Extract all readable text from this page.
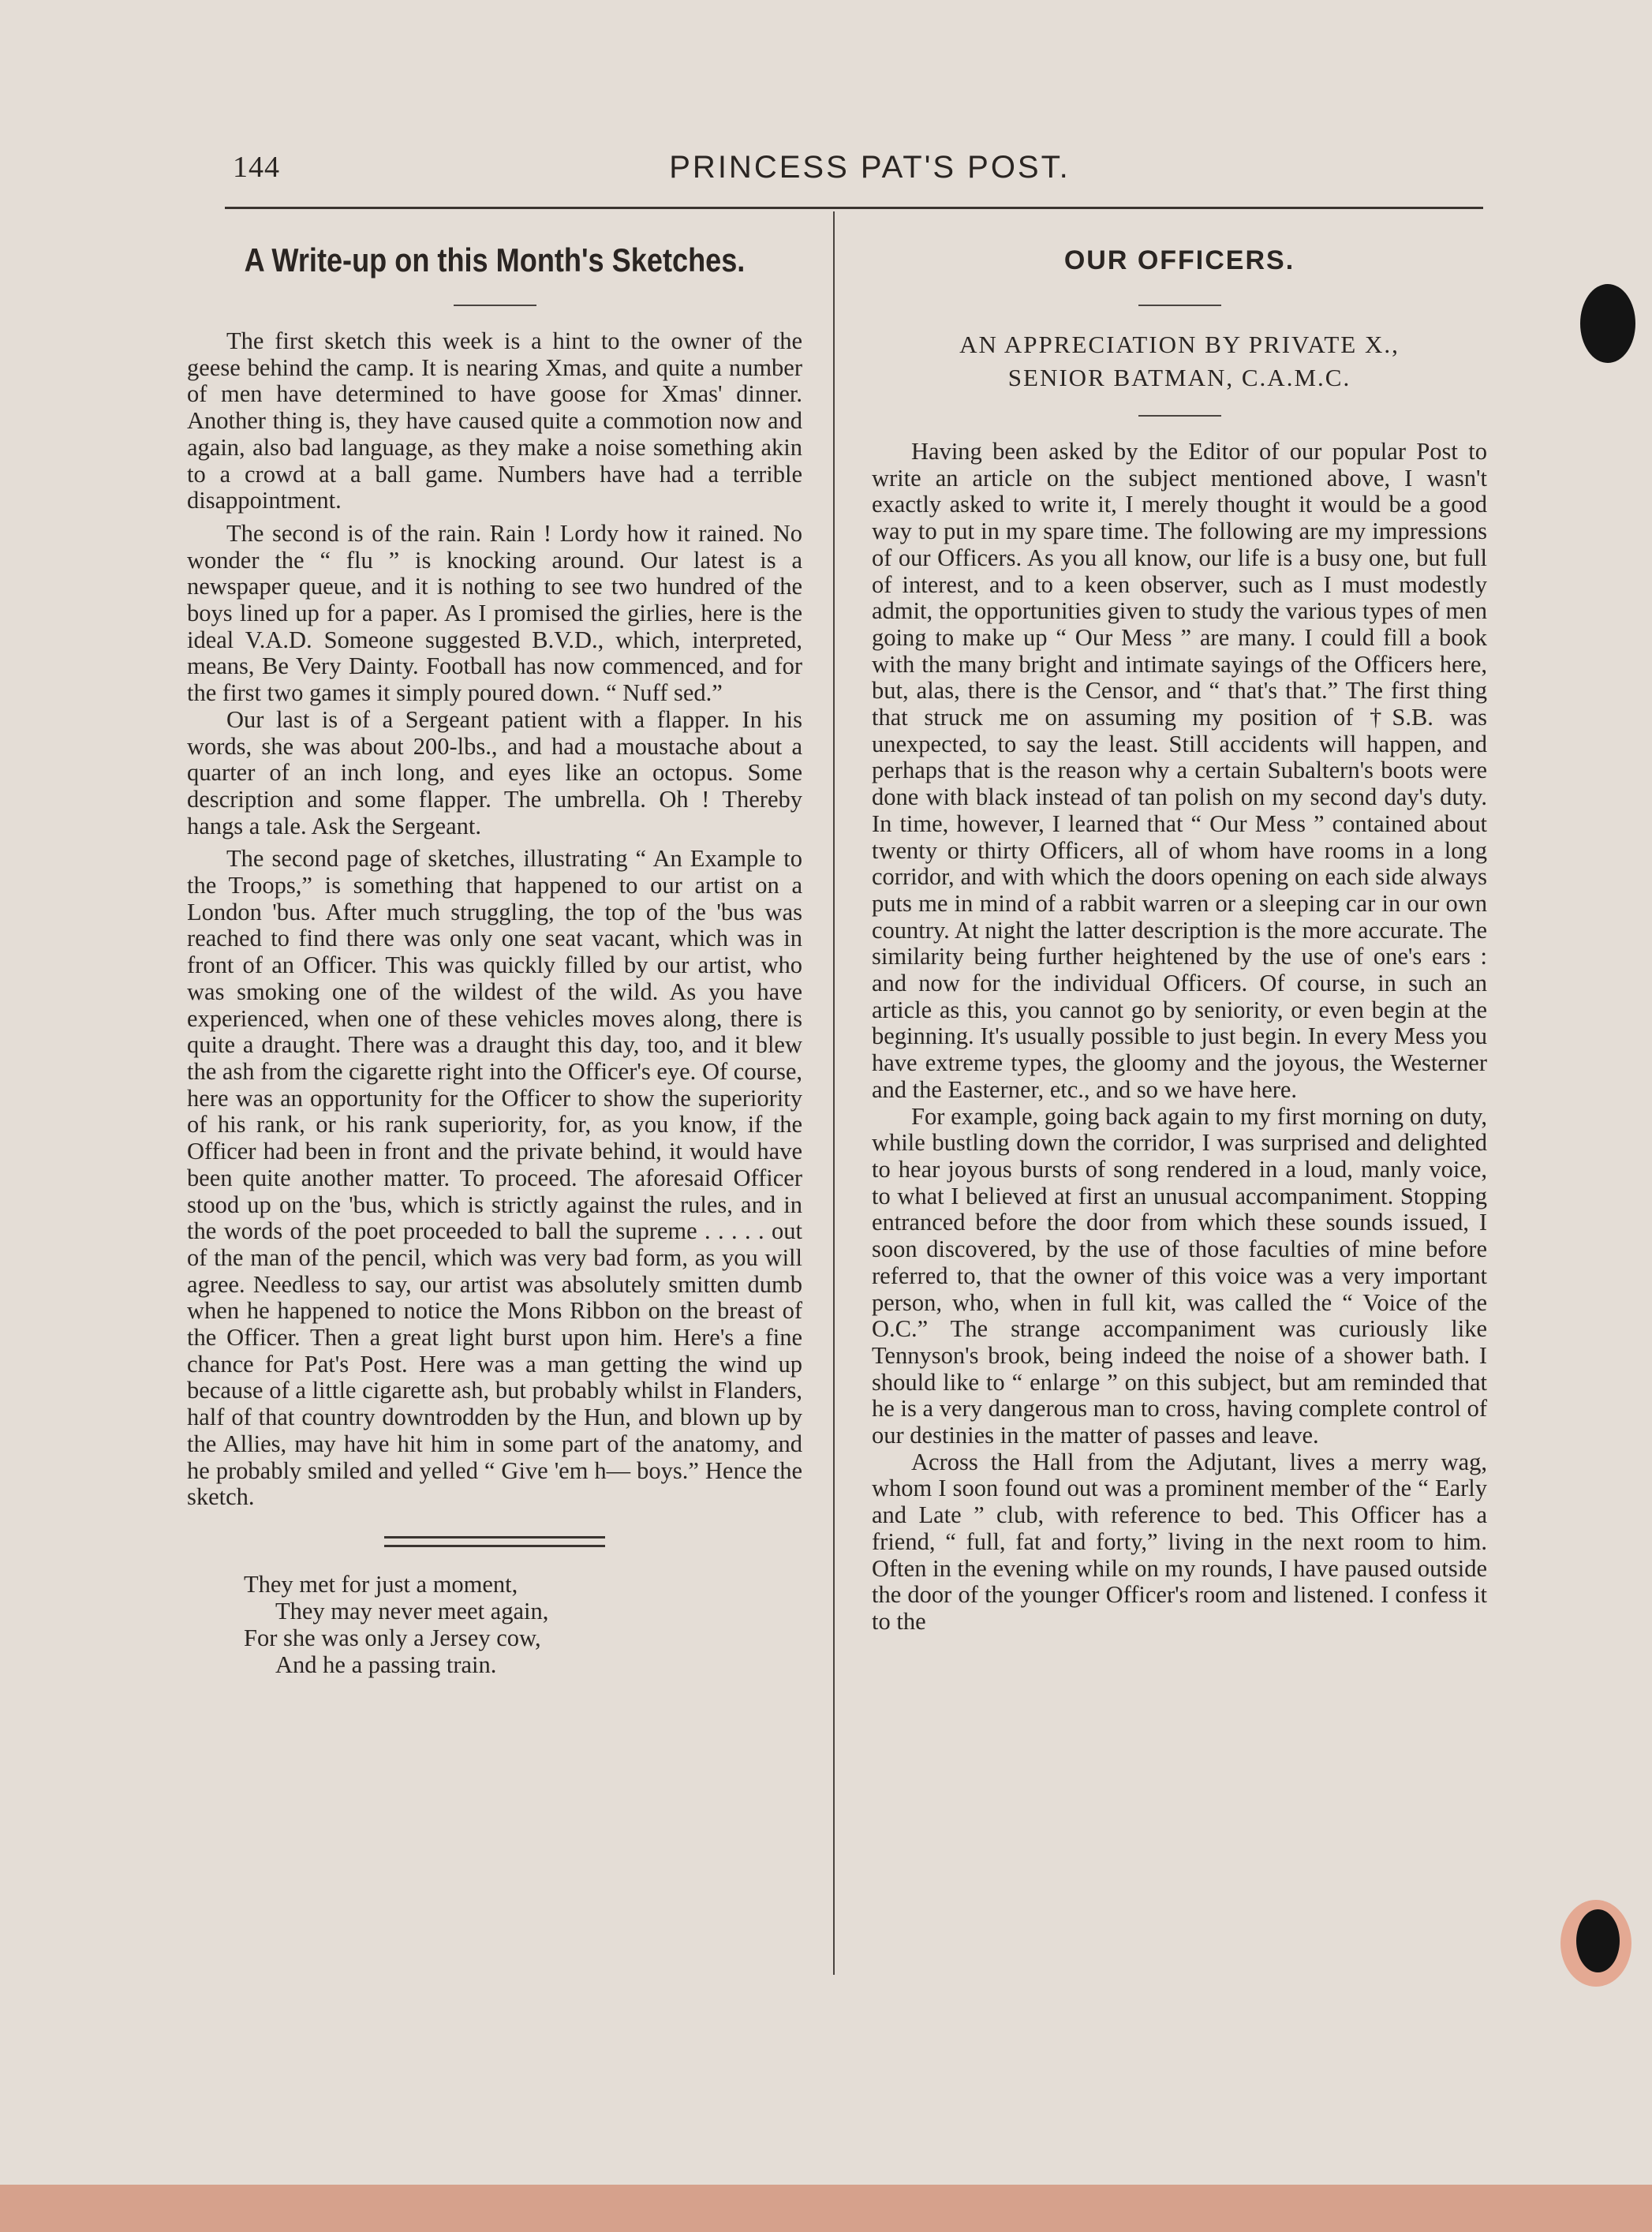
144	PRINCESS PAT'S POST.
A Write-up on this Month's Sketches.

The first sketch this week is a hint to the owner of the geese behind the camp. It is nearing Xmas, and quite a number of men have determined to have goose for Xmas' dinner. Another thing is, they have caused quite a commotion now and again, also bad language, as they make a noise something akin to a crowd at a ball game. Numbers have had a terrible disappointment.

The second is of the rain. Rain ! Lordy how it rained. No wonder the “ flu ” is knocking around. Our latest is a newspaper queue, and it is nothing to see two hundred of the boys lined up for a paper. As I promised the girlies, here is the ideal V.A.D. Someone suggested B.V.D., which, interpreted, means, Be Very Dainty. Football has now commenced, and for the first two games it simply poured down. “ Nuff sed.”

Our last is of a Sergeant patient with a flapper. In his words, she was about 200-lbs., and had a moustache about a quarter of an inch long, and eyes like an octopus. Some description and some flapper. The umbrella. Oh ! Thereby hangs a tale. Ask the Sergeant.

The second page of sketches, illustrating “ An Example to the Troops,” is something that happened to our artist on a London 'bus. After much struggling, the top of the 'bus was reached to find there was only one seat vacant, which was in front of an Officer. This was quickly filled by our artist, who was smoking one of the wildest of the wild. As you have experienced, when one of these vehicles moves along, there is quite a draught. There was a draught this day, too, and it blew the ash from the cigarette right into the Officer's eye. Of course, here was an opportunity for the Officer to show the superiority of his rank, or his rank superiority, for, as you know, if the Officer had been in front and the private behind, it would have been quite another matter. To proceed. The aforesaid Officer stood up on the 'bus, which is strictly against the rules, and in the words of the poet proceeded to ball the supreme . . . . . out of the man of the pencil, which was very bad form, as you will agree. Needless to say, our artist was absolutely smitten dumb when he happened to notice the Mons Ribbon on the breast of the Officer. Then a great light burst upon him. Here's a fine chance for Pat's Post. Here was a man getting the wind up because of a little cigarette ash, but probably whilst in Flanders, half of that country downtrodden by the Hun, and blown up by the Allies, may have hit him in some part of the anatomy, and he probably smiled and yelled “ Give 'em h— boys.” Hence the sketch.

They met for just a moment,
They may never meet again,
For she was only a Jersey cow,
And he a passing train.
OUR OFFICERS.
AN APPRECIATION BY PRIVATE X.,
SENIOR BATMAN, C.A.M.C.

Having been asked by the Editor of our popular Post to write an article on the subject mentioned above, I wasn't exactly asked to write it, I merely thought it would be a good way to put in my spare time. The following are my impressions of our Officers. As you all know, our life is a busy one, but full of interest, and to a keen observer, such as I must modestly admit, the opportunities given to study the various types of men going to make up “ Our Mess ” are many. I could fill a book with the many bright and intimate sayings of the Officers here, but, alas, there is the Censor, and “ that's that.” The first thing that struck me on assuming my position of †S.B. was unexpected, to say the least. Still accidents will happen, and perhaps that is the reason why a certain Subaltern's boots were done with black instead of tan polish on my second day's duty. In time, however, I learned that “ Our Mess ” contained about twenty or thirty Officers, all of whom have rooms in a long corridor, and with which the doors opening on each side always puts me in mind of a rabbit warren or a sleeping car in our own country. At night the latter description is the more accurate. The similarity being further heightened by the use of one's ears : and now for the individual Officers. Of course, in such an article as this, you cannot go by seniority, or even begin at the beginning. It's usually possible to just begin. In every Mess you have extreme types, the gloomy and the joyous, the Westerner and the Easterner, etc., and so we have here.

For example, going back again to my first morning on duty, while bustling down the corridor, I was surprised and delighted to hear joyous bursts of song rendered in a loud, manly voice, to what I believed at first an unusual accompaniment. Stopping entranced before the door from which these sounds issued, I soon discovered, by the use of those faculties of mine before referred to, that the owner of this voice was a very important person, who, when in full kit, was called the “ Voice of the O.C.” The strange accompaniment was curiously like Tennyson's brook, being indeed the noise of a shower bath. I should like to “ enlarge ” on this subject, but am reminded that he is a very dangerous man to cross, having complete control of our destinies in the matter of passes and leave.

Across the Hall from the Adjutant, lives a merry wag, whom I soon found out was a prominent member of the “ Early and Late ” club, with reference to bed. This Officer has a friend, “ full, fat and forty,” living in the next room to him. Often in the evening while on my rounds, I have paused outside the door of the younger Officer's room and listened. I confess it to the
